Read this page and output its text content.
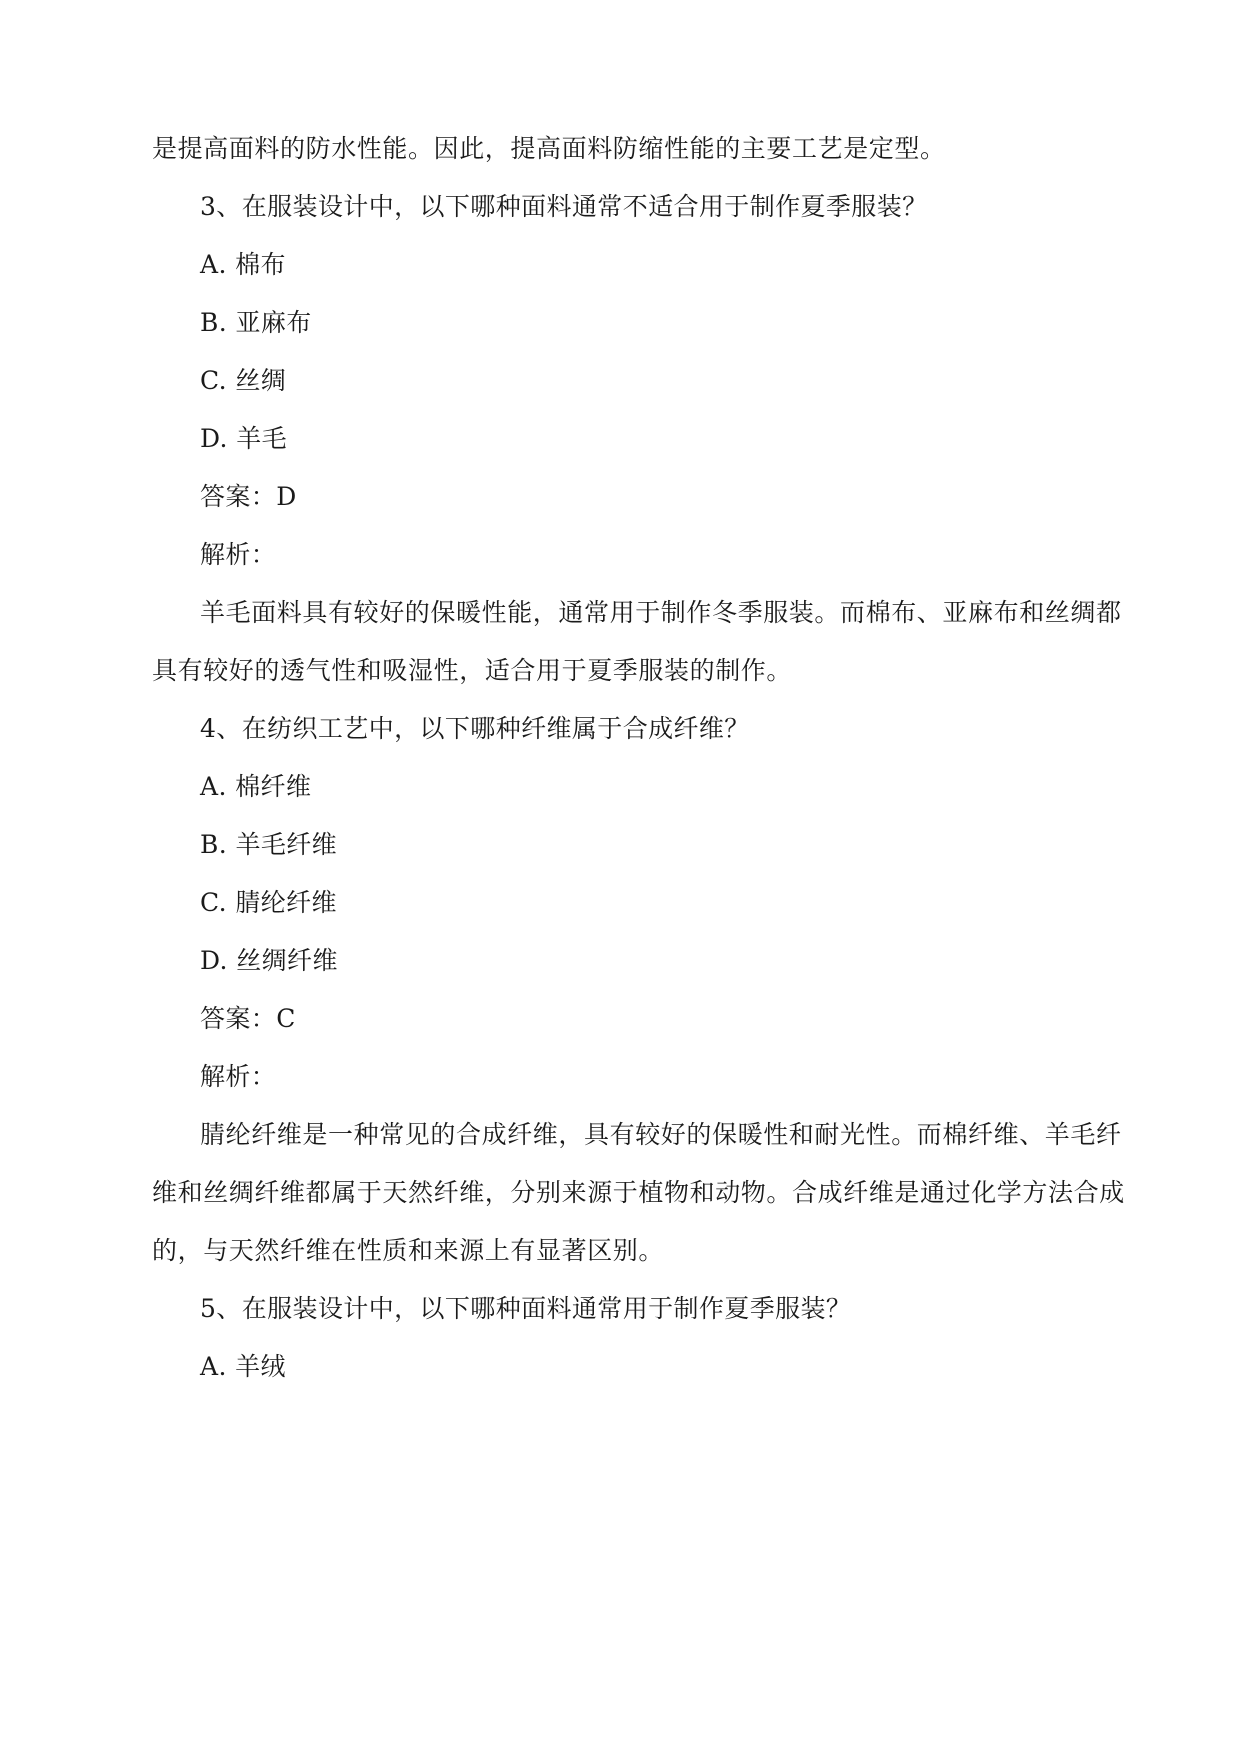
是提高面料的防水性能。因此，提高面料防缩性能的主要工艺是定型。
3、在服装设计中，以下哪种面料通常不适合用于制作夏季服装？
A. 棉布
B. 亚麻布
C. 丝绸
D. 羊毛
答案：D
解析：
羊毛面料具有较好的保暖性能，通常用于制作冬季服装。而棉布、亚麻布和丝绸都
具有较好的透气性和吸湿性，适合用于夏季服装的制作。
4、在纺织工艺中，以下哪种纤维属于合成纤维？
A. 棉纤维
B. 羊毛纤维
C. 腈纶纤维
D. 丝绸纤维
答案：C
解析：
腈纶纤维是一种常见的合成纤维，具有较好的保暖性和耐光性。而棉纤维、羊毛纤
维和丝绸纤维都属于天然纤维，分别来源于植物和动物。合成纤维是通过化学方法合成
的，与天然纤维在性质和来源上有显著区别。
5、在服装设计中，以下哪种面料通常用于制作夏季服装？
A. 羊绒
